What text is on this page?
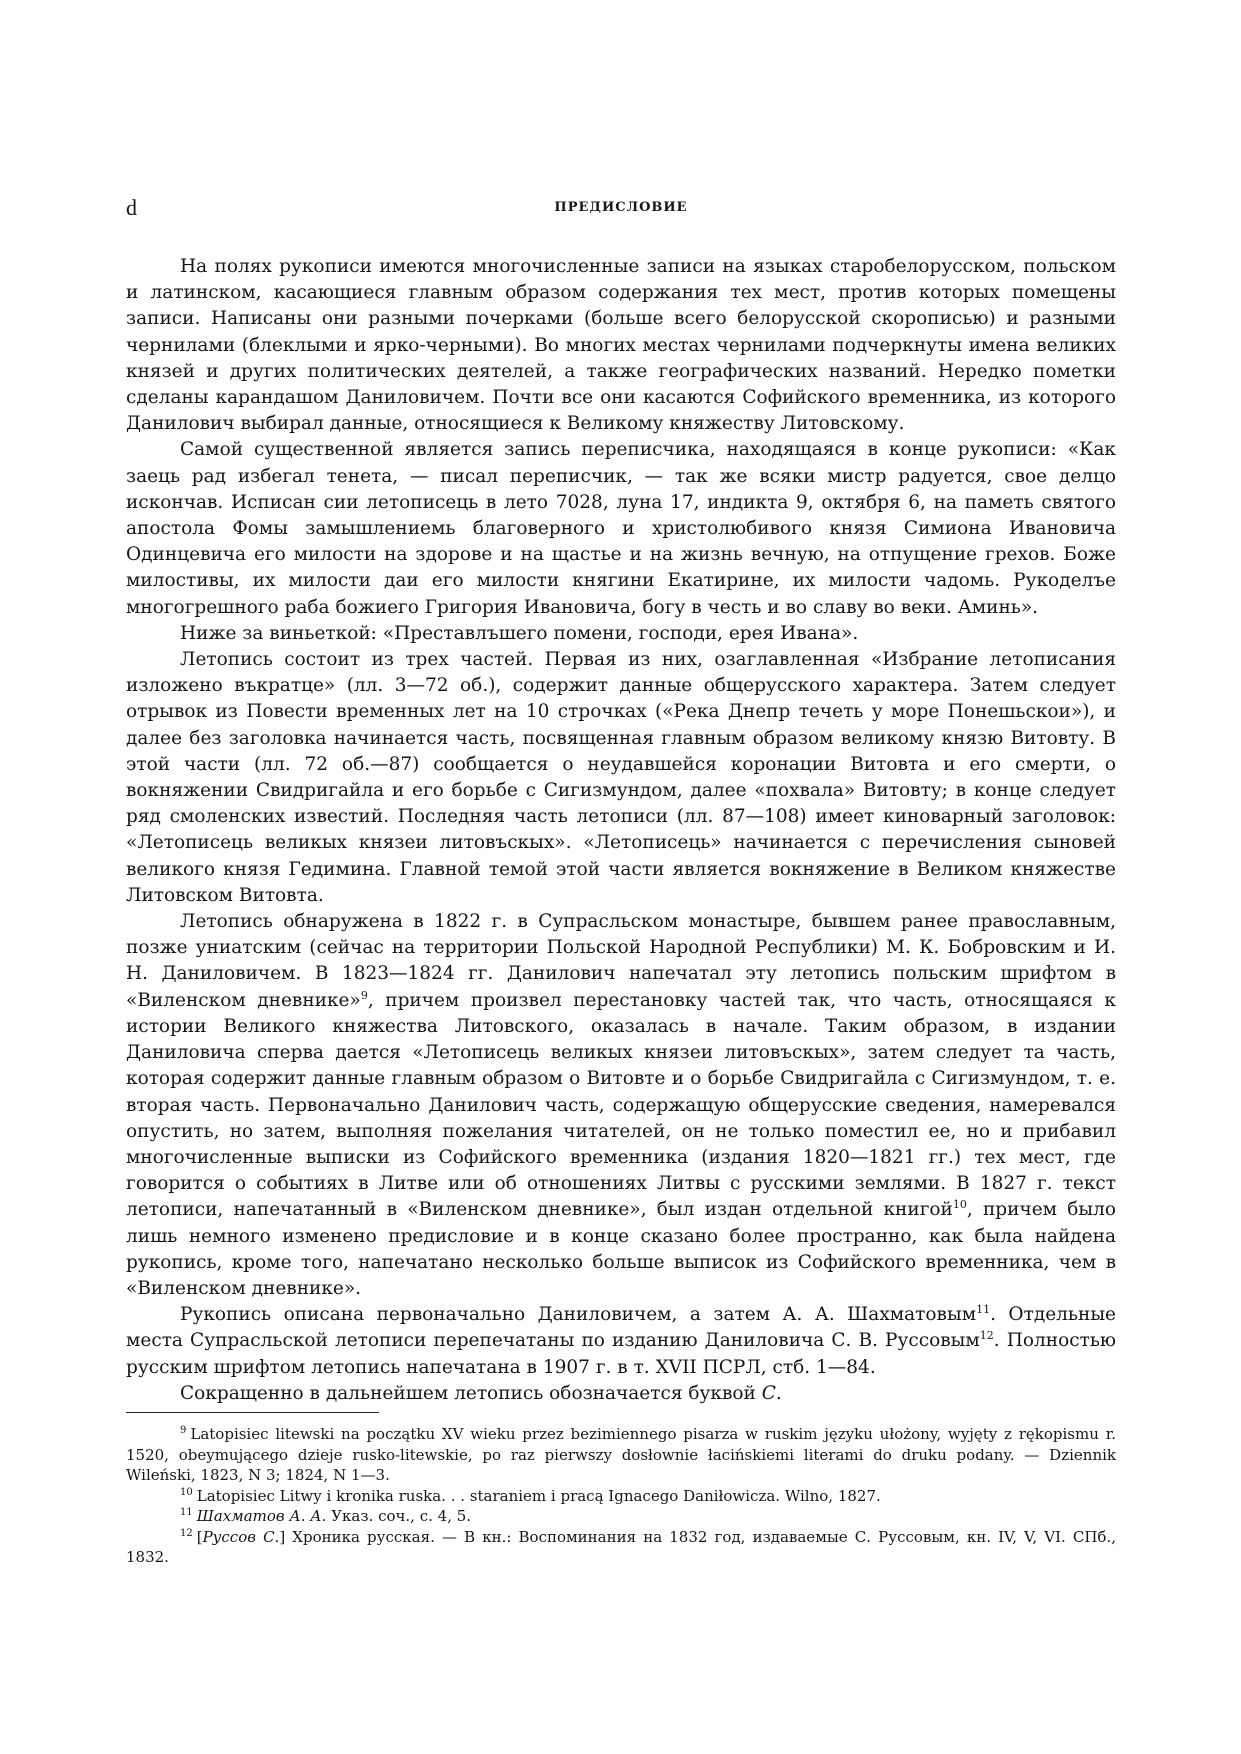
d	ПРЕДИСЛОВИЕ

На полях рукописи имеются многочисленные записи на языках старобелорусском, польском и латинском, касающиеся главным образом содержания тех мест, против которых помещены записи. Написаны они разными почерками (больше всего белорусской скорописью) и разными чернилами (блеклыми и ярко-черными). Во многих местах чернилами подчеркнуты имена великих князей и других политических деятелей, а также географических названий. Нередко пометки сделаны карандашом Даниловичем. Почти все они касаются Софийского временника, из которого Данилович выбирал данные, относящиеся к Великому княжеству Литовскому.

Самой существенной является запись переписчика, находящаяся в конце рукописи: «Как заець рад избегал тенета, — писал переписчик, — так же всяки мистр радуется, свое делцо искончав. Исписан сии летописець в лето 7028, луна 17, индикта 9, октября 6, на паметь святого апостола Фомы замышлениемь благоверного и христолюбивого князя Симиона Ивановича Одинцевича его милости на здорове и на щастье и на жизнь вечную, на отпущение грехов. Боже милостивы, их милости даи его милости княгини Екатирине, их милости чадомь. Рукоделъе многогрешного раба божиего Григория Ивановича, богу в честь и во славу во веки. Аминь».

Ниже за виньеткой: «Преставлъшего помени, господи, ерея Ивана».

Летопись состоит из трех частей. Первая из них, озаглавленная «Избрание летописания изложено въкратце» (лл. 3—72 об.), содержит данные общерусского характера. Затем следует отрывок из Повести временных лет на 10 строчках («Река Днепр течеть у море Понешьскои»), и далее без заголовка начинается часть, посвященная главным образом великому князю Витовту. В этой части (лл. 72 об.—87) сообщается о неудавшейся коронации Витовта и его смерти, о вокняжении Свидригайла и его борьбе с Сигизмундом, далее «похвала» Витовту; в конце следует ряд смоленских известий. Последняя часть летописи (лл. 87—108) имеет киноварный заголовок: «Летописець великых князеи литовъскых». «Летописець» начинается с перечисления сыновей великого князя Гедимина. Главной темой этой части является вокняжение в Великом княжестве Литовском Витовта.

Летопись обнаружена в 1822 г. в Супрасльском монастыре, бывшем ранее православным, позже униатским (сейчас на территории Польской Народной Республики) М. К. Бобровским и И. Н. Даниловичем. В 1823—1824 гг. Данилович напечатал эту летопись польским шрифтом в «Виленском дневнике»$^9$, причем произвел перестановку частей так, что часть, относящаяся к истории Великого княжества Литовского, оказалась в начале. Таким образом, в издании Даниловича сперва дается «Летописець великых князеи литовъскых», затем следует та часть, которая содержит данные главным образом о Витовте и о борьбе Свидригайла с Сигизмундом, т. е. вторая часть. Первоначально Данилович часть, содержащую общерусские сведения, намеревался опустить, но затем, выполняя пожелания читателей, он не только поместил ее, но и прибавил многочисленные выписки из Софийского временника (издания 1820—1821 гг.) тех мест, где говорится о событиях в Литве или об отношениях Литвы с русскими землями. В 1827 г. текст летописи, напечатанный в «Виленском дневнике», был издан отдельной книгой$^{10}$, причем было лишь немного изменено предисловие и в конце сказано более пространно, как была найдена рукопись, кроме того, напечатано несколько больше выписок из Софийского временника, чем в «Виленском дневнике».

Рукопись описана первоначально Даниловичем, а затем А. А. Шахматовым$^{11}$. Отдельные места Супрасльской летописи перепечатаны по изданию Даниловича С. В. Руссовым$^{12}$. Полностью русским шрифтом летопись напечатана в 1907 г. в т. XVII ПСРЛ, стб. 1—84.

Сокращенно в дальнейшем летопись обозначается буквой С.

$^9$ Latopisiec litewski na początku XV wieku przez bezimiennego pisarza w ruskim języku ułożony, wyjęty z rękopismu r. 1520, obeymującego dzieje rusko-litewskie, po raz pierwszy dosłownie łacińskiemi literami do druku podany. — Dziennik Wileński, 1823, N 3; 1824, N 1—3.

$^{10}$ Latopisiec Litwy i kronika ruska. . . staraniem i pracą Ignacego Daniłowicza. Wilno, 1827.

$^{11}$ Шахматов А. А. Указ. соч., с. 4, 5.

$^{12}$ [Руссов С.] Хроника русская. — В кн.: Воспоминания на 1832 год, издаваемые С. Руссовым, кн. IV, V, VI. СПб., 1832.
